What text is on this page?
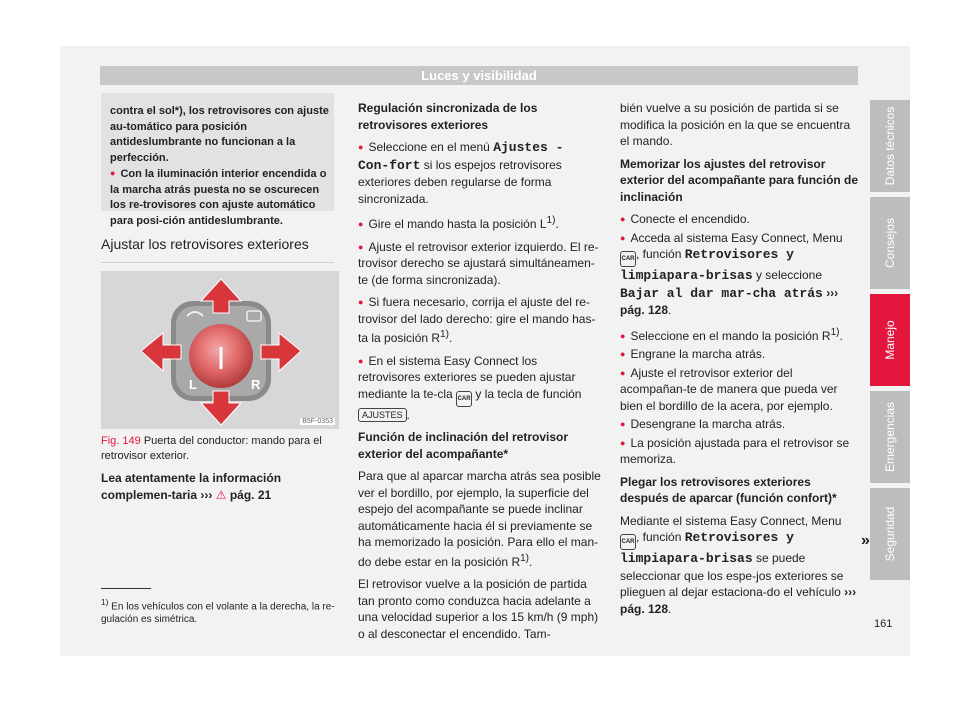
Luces y visibilidad
contra el sol*), los retrovisores con ajuste au-tomático para posición antideslumbrante no funcionan a la perfección.
● Con la iluminación interior encendida o la marcha atrás puesta no se oscurecen los re-trovisores con ajuste automático para posi-ción antideslumbrante.
Ajustar los retrovisores exteriores
L	R
B5F-0353
Fig. 149 Puerta del conductor: mando para el retrovisor exterior.
Lea atentamente la información complemen-taria ››› ⚠ pág. 21

Regulación sincronizada de los retrovisores exteriores

● Seleccione en el menú Ajustes - Con-fort si los espejos retrovisores exteriores deben regularse de forma sincronizada.

● Gire el mando hasta la posición $L^{1)}$.

● Ajuste el retrovisor exterior izquierdo. El re-trovisor derecho se ajustará simultáneamen-te (de forma sincronizada).

● Si fuera necesario, corrija el ajuste del re-trovisor del lado derecho: gire el mando has-ta la posición $R^{1)}$.

● En el sistema Easy Connect los retrovisores exteriores se pueden ajustar mediante la te-cla CAR y la tecla de función AJUSTES .

Función de inclinación del retrovisor exterior del acompañante*

Para que al aparcar marcha atrás sea posible ver el bordillo, por ejemplo, la superficie del espejo del acompañante se puede inclinar automáticamente hacia él si previamente se ha memorizado la posición. Para ello el man-do debe estar en la posición $R^{1)}$.

El retrovisor vuelve a la posición de partida tan pronto como conduzca hacia adelante a una velocidad superior a los 15 km/h (9 mph) o al desconectar el encendido. Tam-

bién vuelve a su posición de partida si se modifica la posición en la que se encuentra el mando.

Memorizar los ajustes del retrovisor exterior del acompañante para función de inclinación

● Conecte el encendido.

● Acceda al sistema Easy Connect, Menu CAR , función Retrovisores y limpiapara-brisas y seleccione Bajar al dar mar-cha atrás ››› pág. 128.

● Seleccione en el mando la posición $R^{1)}$.

● Engrane la marcha atrás.

● Ajuste el retrovisor exterior del acompañan-te de manera que pueda ver bien el bordillo de la acera, por ejemplo.

● Desengrane la marcha atrás.

● La posición ajustada para el retrovisor se memoriza.

Plegar los retrovisores exteriores después de aparcar (función confort)*

Mediante el sistema Easy Connect, Menu CAR , función Retrovisores y limpiapara-brisas se puede seleccionar que los espe-jos exteriores se plieguen al dejar estaciona-do el vehículo ››› pág. 128.

»
Datos técnicos
Consejos
Manejo
Emergencias
Seguridad
$^{1)}$ En los vehículos con el volante a la derecha, la re-gulación es simétrica.	161
